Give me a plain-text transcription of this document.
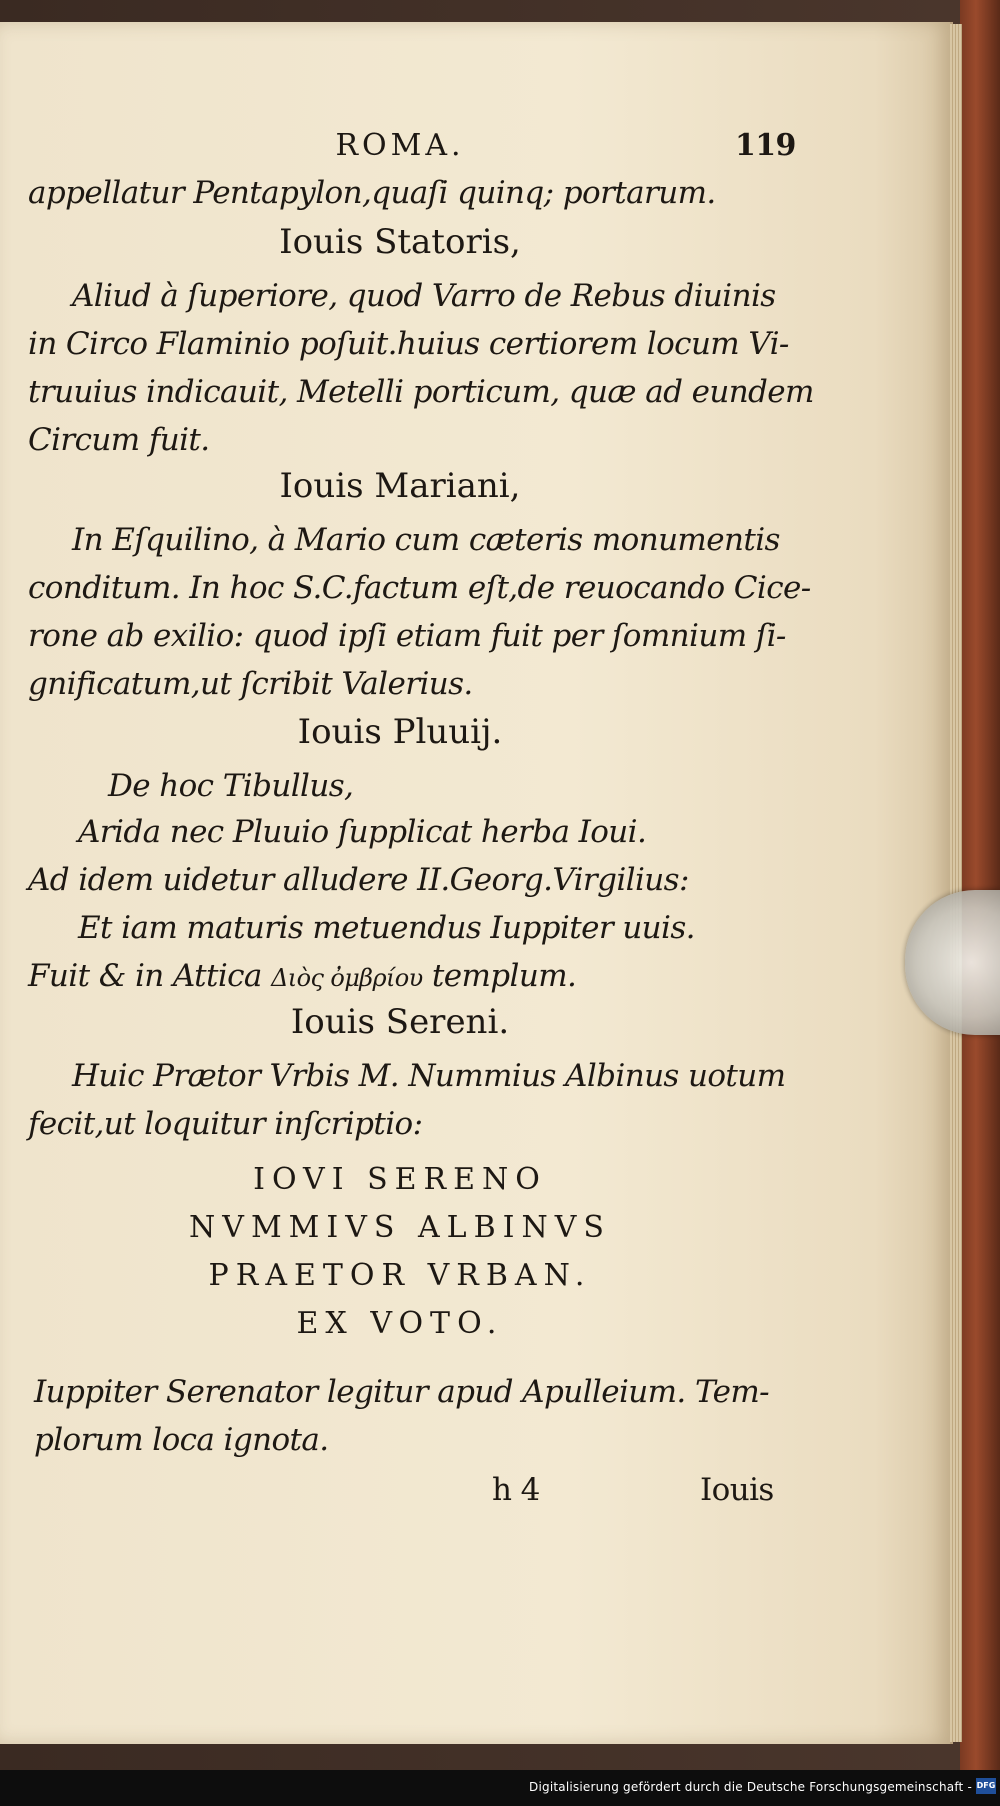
ROMA.	119
appellatur Pentapylon,quaſi quinq; portarum.
Iouis Statoris,
Aliud à ſuperiore, quod Varro de Rebus diuinis
in Circo Flaminio poſuit.huius certiorem locum Vi-
truuius indicauit, Metelli porticum, quæ ad eundem
Circum fuit.
Iouis Mariani,
In Eſquilino, à Mario cum cæteris monumentis
conditum. In hoc S.C.factum eſt,de reuocando Cice-
rone ab exilio: quod ipſi etiam fuit per ſomnium ſi-
gnificatum,ut ſcribit Valerius.
Iouis Pluuij.
De hoc Tibullus,
Arida nec Pluuio ſupplicat herba Ioui.
Ad idem uidetur alludere II.Georg.Virgilius:
Et iam maturis metuendus Iuppiter uuis.
Fuit & in Attica Διὸς ὀμβρίου templum.
Iouis Sereni.
Huic Prætor Vrbis M. Nummius Albinus uotum
fecit,ut loquitur inſcriptio:
IOVI SERENO
NVMMIVS ALBINVS
PRAETOR VRBAN.
EX VOTO.
Iuppiter Serenator legitur apud Apulleium. Tem-
plorum loca ignota.
h 4	Iouis
Digitalisierung gefördert durch die Deutsche Forschungsgemeinschaft - DFG
